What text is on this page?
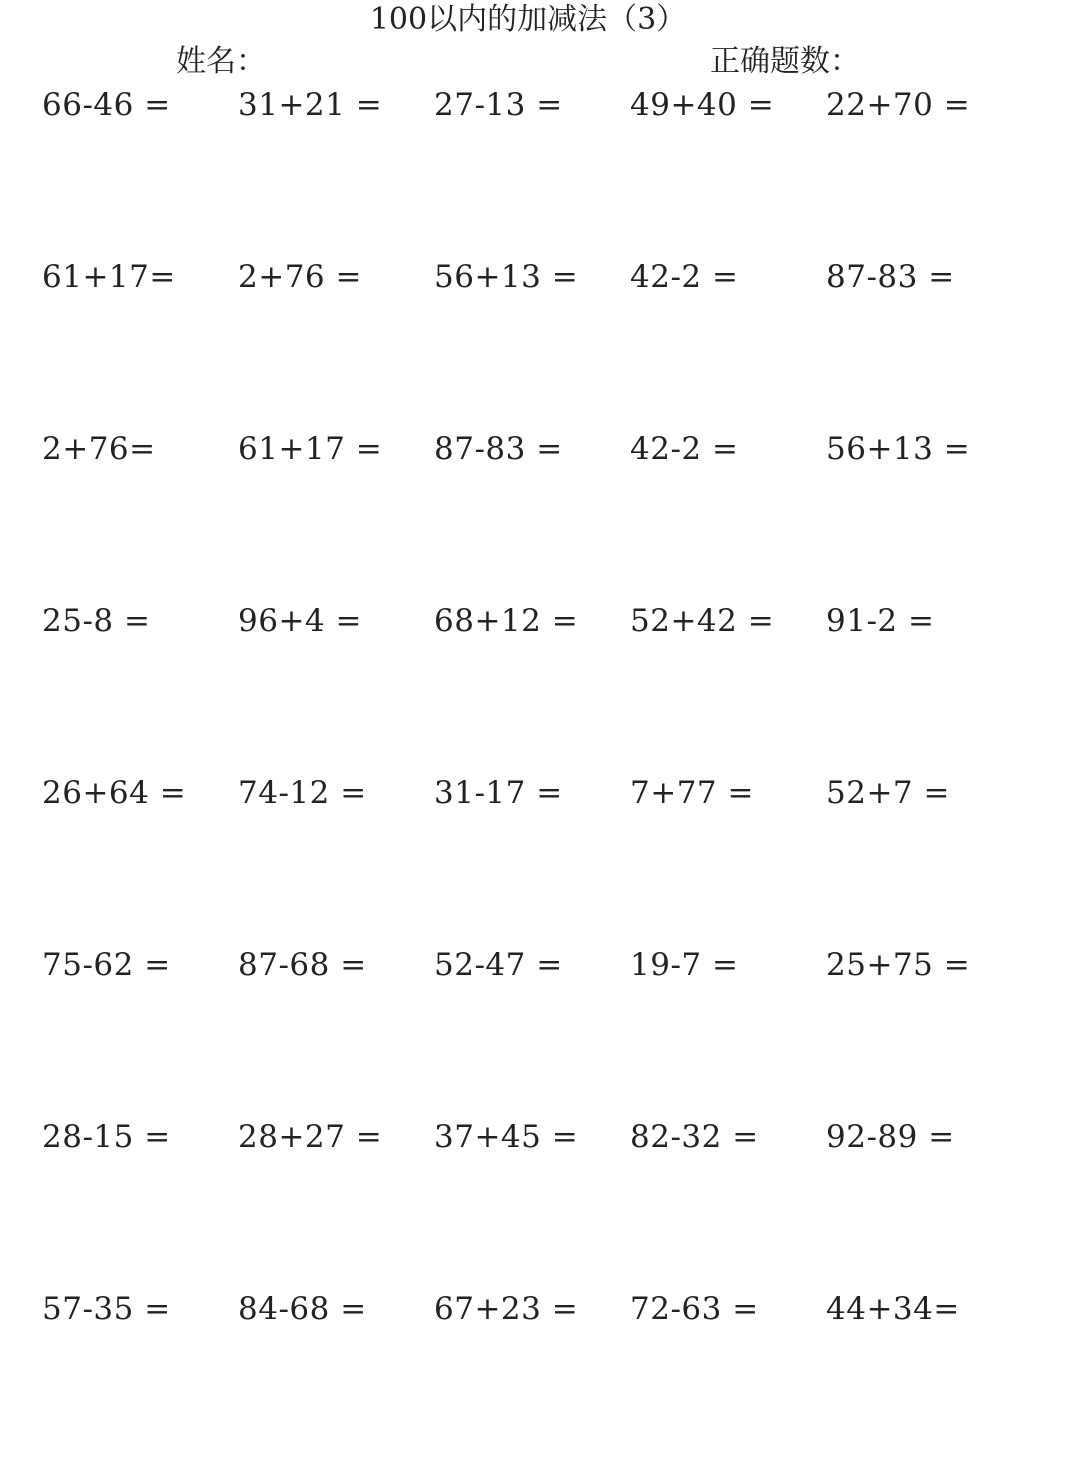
100以内的加减法（3）
姓名：	正确题数：
66-46 =	31+21 =	27-13 =	49+40 =	22+70 =
61+17=	2+76 =	56+13 =	42-2 =	87-83 =
2+76=	61+17 =	87-83 =	42-2 =	56+13 =
25-8 =	96+4 =	68+12 =	52+42 =	91-2 =
26+64 =	74-12 =	31-17 =	7+77 =	52+7 =
75-62 =	87-68 =	52-47 =	19-7 =	25+75 =
28-15 =	28+27 =	37+45 =	82-32 =	92-89 =
57-35 =	84-68 =	67+23 =	72-63 =	44+34=
